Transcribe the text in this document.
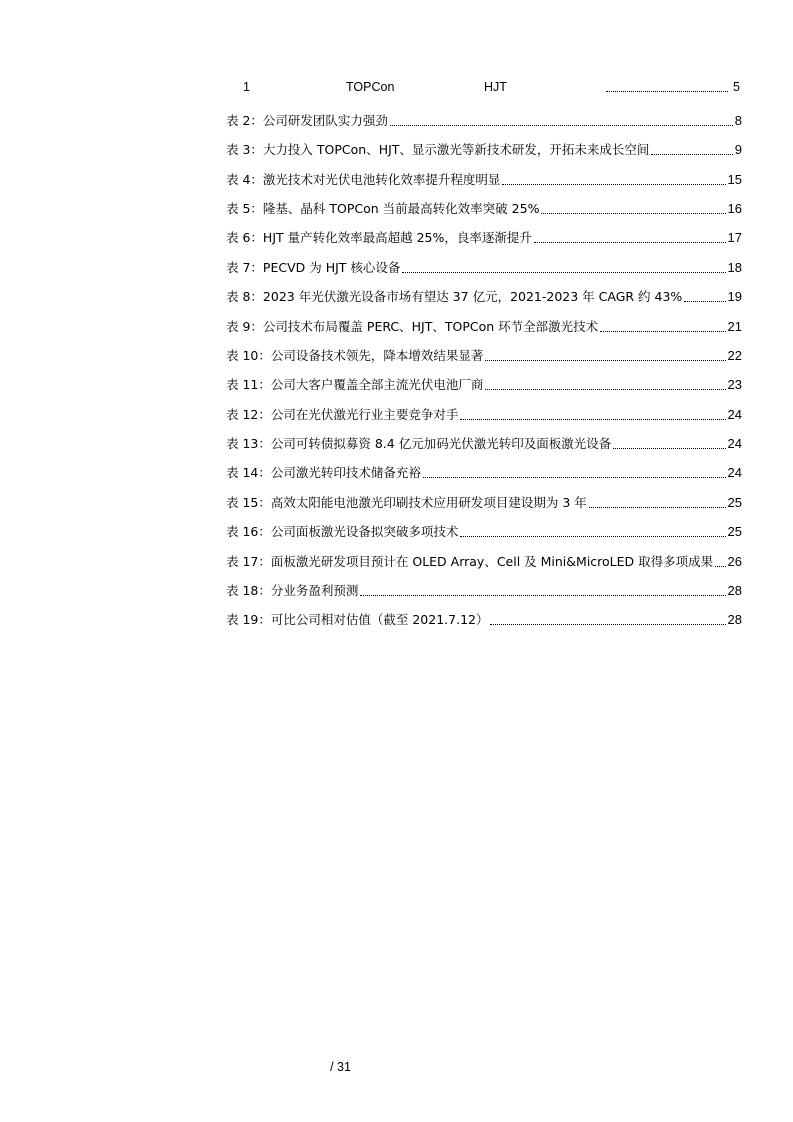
1	TOPCon	HJT	5
表 2：公司研发团队实力强劲	8
表 3：大力投入 TOPCon、HJT、显示激光等新技术研发，开拓未来成长空间	9
表 4：激光技术对光伏电池转化效率提升程度明显	15
表 5：隆基、晶科 TOPCon 当前最高转化效率突破 25%	16
表 6：HJT 量产转化效率最高超越 25%，良率逐渐提升	17
表 7：PECVD 为 HJT 核心设备	18
表 8：2023 年光伏激光设备市场有望达 37 亿元，2021-2023 年 CAGR 约 43%	19
表 9：公司技术布局覆盖 PERC、HJT、TOPCon 环节全部激光技术	21
表 10：公司设备技术领先，降本增效结果显著	22
表 11：公司大客户覆盖全部主流光伏电池厂商	23
表 12：公司在光伏激光行业主要竞争对手	24
表 13：公司可转债拟募资 8.4 亿元加码光伏激光转印及面板激光设备	24
表 14：公司激光转印技术储备充裕	24
表 15：高效太阳能电池激光印刷技术应用研发项目建设期为 3 年	25
表 16：公司面板激光设备拟突破多项技术	25
表 17：面板激光研发项目预计在 OLED Array、Cell 及 Mini&MicroLED 取得多项成果 26
表 18：分业务盈利预测	28
表 19：可比公司相对估值（截至 2021.7.12）	28
/ 31
